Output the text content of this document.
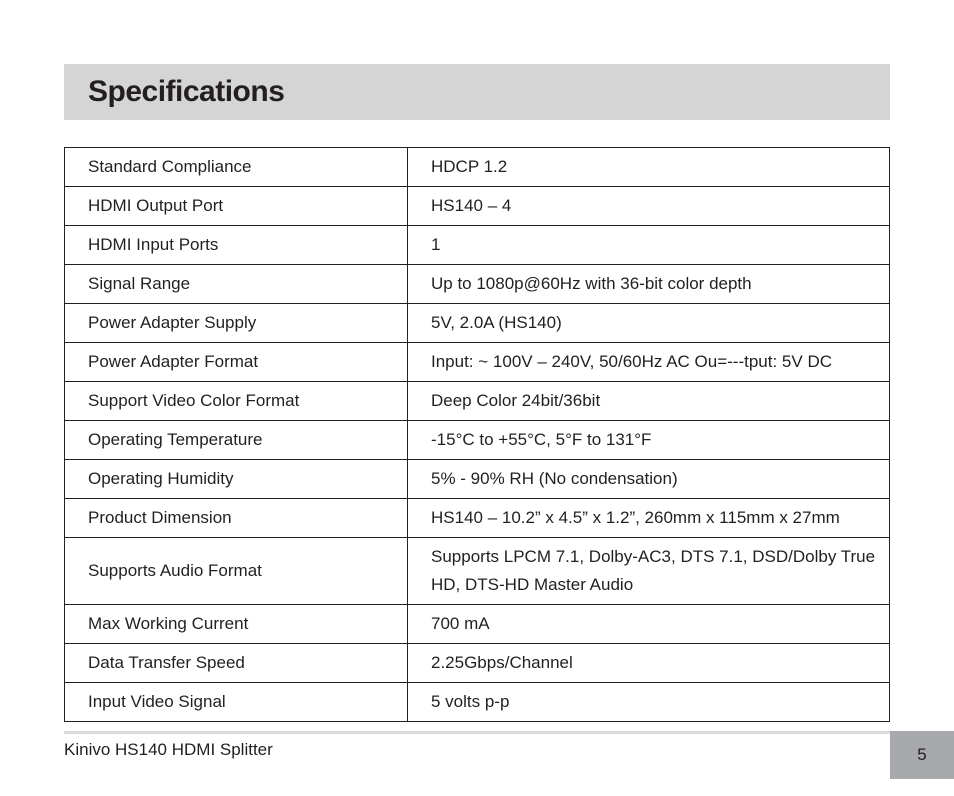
Specifications
Standard Compliance	HDCP 1.2
HDMI Output Port	HS140 – 4
HDMI Input Ports	1
Signal Range	Up to 1080p@60Hz with 36-bit color depth
Power Adapter Supply	5V, 2.0A (HS140)
Power Adapter Format	Input: ~ 100V – 240V, 50/60Hz AC Ou=---tput: 5V DC
Support Video Color Format	Deep Color 24bit/36bit
Operating Temperature	-15°C to +55°C, 5°F to 131°F
Operating Humidity	5% - 90% RH (No condensation)
Product Dimension	HS140 – 10.2” x 4.5” x 1.2”, 260mm x 115mm x 27mm
Supports Audio Format	Supports LPCM 7.1, Dolby-AC3, DTS 7.1, DSD/Dolby True HD, DTS-HD Master Audio
Max Working Current	700 mA
Data Transfer Speed	2.25Gbps/Channel
Input Video Signal	5 volts p-p
Kinivo HS140 HDMI Splitter	5
